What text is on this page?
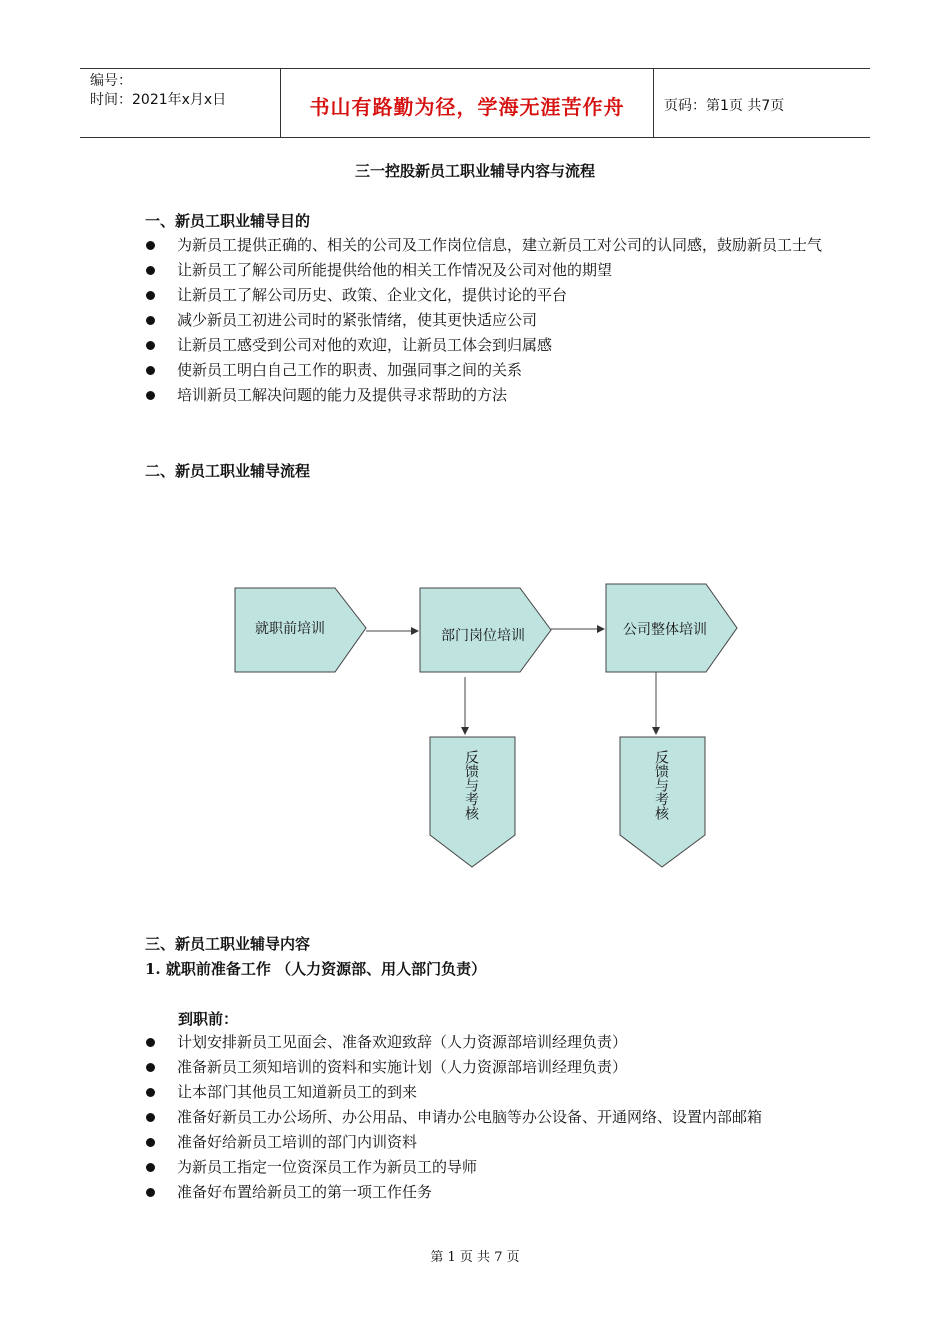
编号：
时间：2021年x月x日	书山有路勤为径，学海无涯苦作舟	页码：第1页 共7页
三一控股新员工职业辅导内容与流程
一、新员工职业辅导目的
为新员工提供正确的、相关的公司及工作岗位信息，建立新员工对公司的认同感，鼓励新员工士气
让新员工了解公司所能提供给他的相关工作情况及公司对他的期望
让新员工了解公司历史、政策、企业文化，提供讨论的平台
减少新员工初进公司时的紧张情绪，使其更快适应公司
让新员工感受到公司对他的欢迎，让新员工体会到归属感
使新员工明白自己工作的职责、加强同事之间的关系
培训新员工解决问题的能力及提供寻求帮助的方法
二、新员工职业辅导流程
就职前培训	部门岗位培训	公司整体培训
反馈与考核	反馈与考核
三、新员工职业辅导内容
1. 就职前准备工作 （人力资源部、用人部门负责）
到职前：
计划安排新员工见面会、准备欢迎致辞（人力资源部培训经理负责）
准备新员工须知培训的资料和实施计划（人力资源部培训经理负责）
让本部门其他员工知道新员工的到来
准备好新员工办公场所、办公用品、申请办公电脑等办公设备、开通网络、设置内部邮箱
准备好给新员工培训的部门内训资料
为新员工指定一位资深员工作为新员工的导师
准备好布置给新员工的第一项工作任务
第 1 页 共 7 页
